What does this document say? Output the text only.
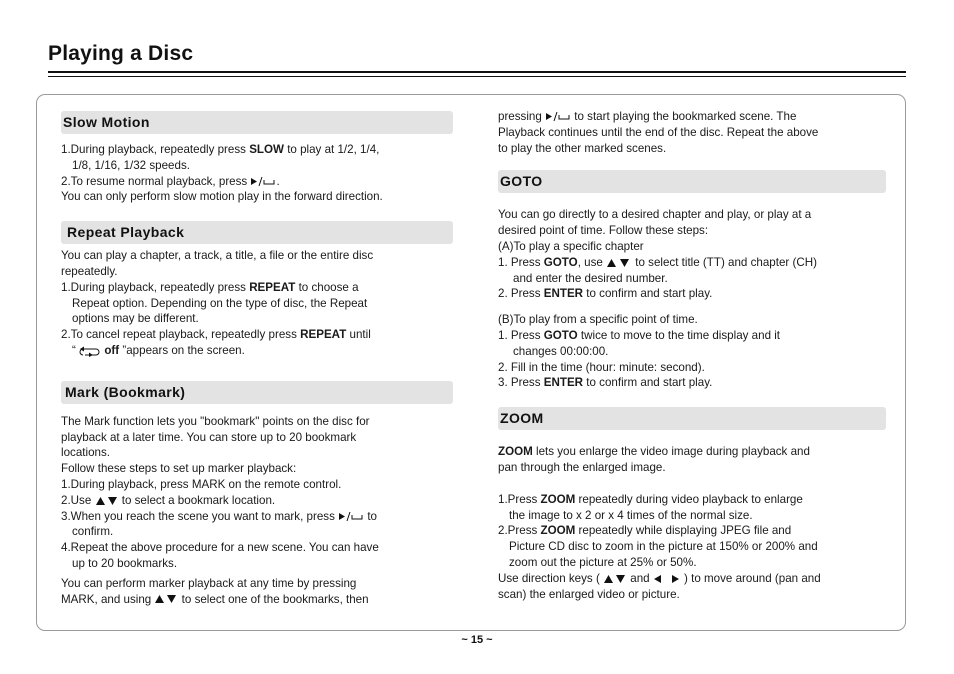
Playing a Disc
Slow Motion

1.During playback, repeatedly press SLOW to play at 1/2, 1/4,

1/8, 1/16, 1/32 speeds.

2.To resume normal playback, press .

You can only perform slow motion play in the forward direction.

Repeat Playback

You can play a chapter, a track, a title, a file or the entire disc

repeatedly.

1.During playback, repeatedly press REPEAT to choose a

Repeat option. Depending on the type of disc, the Repeat

options may be different.

2.To cancel repeat playback, repeatedly press REPEAT until

“  off ”appears on the screen.

Mark (Bookmark)

The Mark function lets you "bookmark" points on the disc for

playback at a later time. You can store up to 20 bookmark

locations.

Follow these steps to set up marker playback:

1.During playback, press MARK on the remote control.

2.Use  to select a bookmark location.

3.When you reach the scene you want to mark, press  to

confirm.

4.Repeat the above procedure for a new scene. You can have

up to 20 bookmarks.

You can perform marker playback at any time by pressing

MARK, and using  to select one of the bookmarks, then

pressing  to start playing the bookmarked scene. The

Playback continues until the end of the disc. Repeat the above

to play the other marked scenes.

GOTO

You can go directly to a desired chapter and play, or play at a

desired point of time. Follow these steps:

(A)To play a specific chapter

1. Press GOTO, use  to select title (TT) and chapter (CH)

and enter the desired number.

2. Press ENTER to confirm and start play.

(B)To play from a specific point of time.

1. Press GOTO twice to move to the time display and it

changes 00:00:00.

2. Fill in the time (hour: minute: second).

3. Press ENTER to confirm and start play.

ZOOM

ZOOM lets you enlarge the video image during playback and

pan through the enlarged image.

1.Press ZOOM repeatedly during video playback to enlarge

the image to x 2 or x 4 times of the normal size.

2.Press ZOOM repeatedly while displaying JPEG file and

Picture CD disc to zoom in the picture at 150% or 200% and

zoom out the picture at 25% or 50%.

Use direction keys (  and  ) to move around (pan and

scan) the enlarged video or picture.

~ 15 ~
